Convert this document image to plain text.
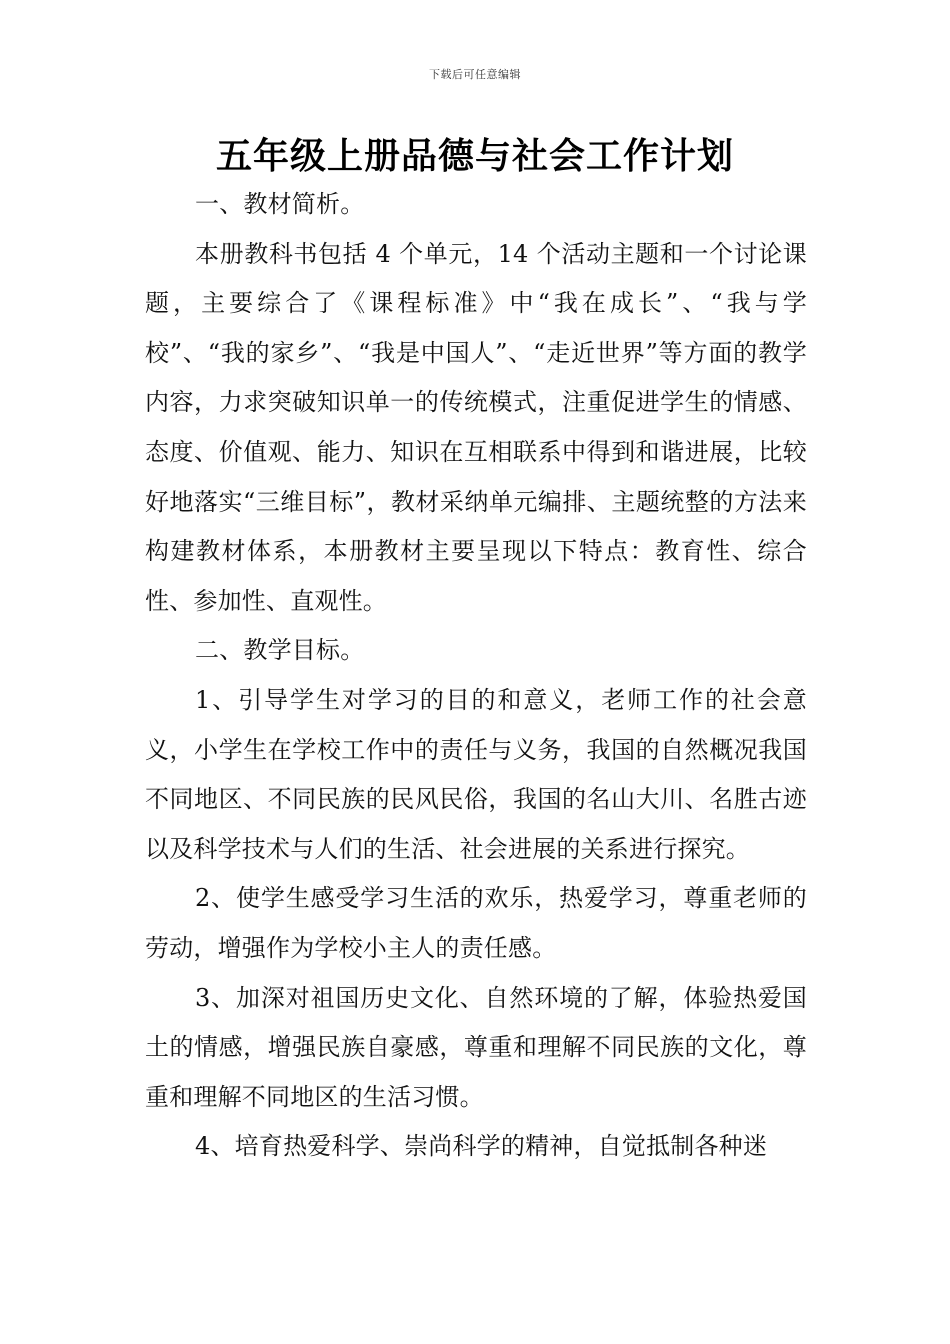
下载后可任意编辑
五年级上册品德与社会工作计划

一、教材简析。

本册教科书包括 4 个单元，14 个活动主题和一个讨论课题，主要综合了《课程标准》中“我在成长”、“我与学校”、“我的家乡”、“我是中国人”、“走近世界”等方面的教学内容，力求突破知识单一的传统模式，注重促进学生的情感、态度、价值观、能力、知识在互相联系中得到和谐进展，比较好地落实“三维目标”，教材采纳单元编排、主题统整的方法来构建教材体系，本册教材主要呈现以下特点：教育性、综合性、参加性、直观性。

二、教学目标。

1、引导学生对学习的目的和意义，老师工作的社会意义，小学生在学校工作中的责任与义务，我国的自然概况我国不同地区、不同民族的民风民俗，我国的名山大川、名胜古迹以及科学技术与人们的生活、社会进展的关系进行探究。

2、使学生感受学习生活的欢乐，热爱学习，尊重老师的劳动，增强作为学校小主人的责任感。

3、加深对祖国历史文化、自然环境的了解，体验热爱国土的情感，增强民族自豪感，尊重和理解不同民族的文化，尊重和理解不同地区的生活习惯。

4、培育热爱科学、崇尚科学的精神，自觉抵制各种迷
